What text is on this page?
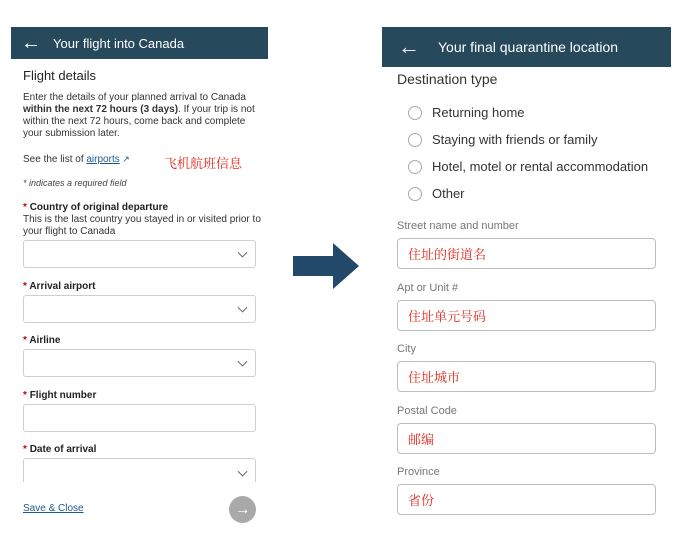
← Your flight into Canada
Flight details
Enter the details of your planned arrival to Canada within the next 72 hours (3 days). If your trip is not within the next 72 hours, come back and complete your submission later.
See the list of airports ↗	飞机航班信息
* indicates a required field
* Country of original departure
This is the last country you stayed in or visited prior to your flight to Canada
* Arrival airport
* Airline
* Flight number
* Date of arrival
Save & Close	→
← Your final quarantine location
Destination type
Returning home
Staying with friends or family
Hotel, motel or rental accommodation
Other
Street name and number
住址的街道名
Apt or Unit #
住址单元号码
City
住址城市
Postal Code
邮编
Province
省份
